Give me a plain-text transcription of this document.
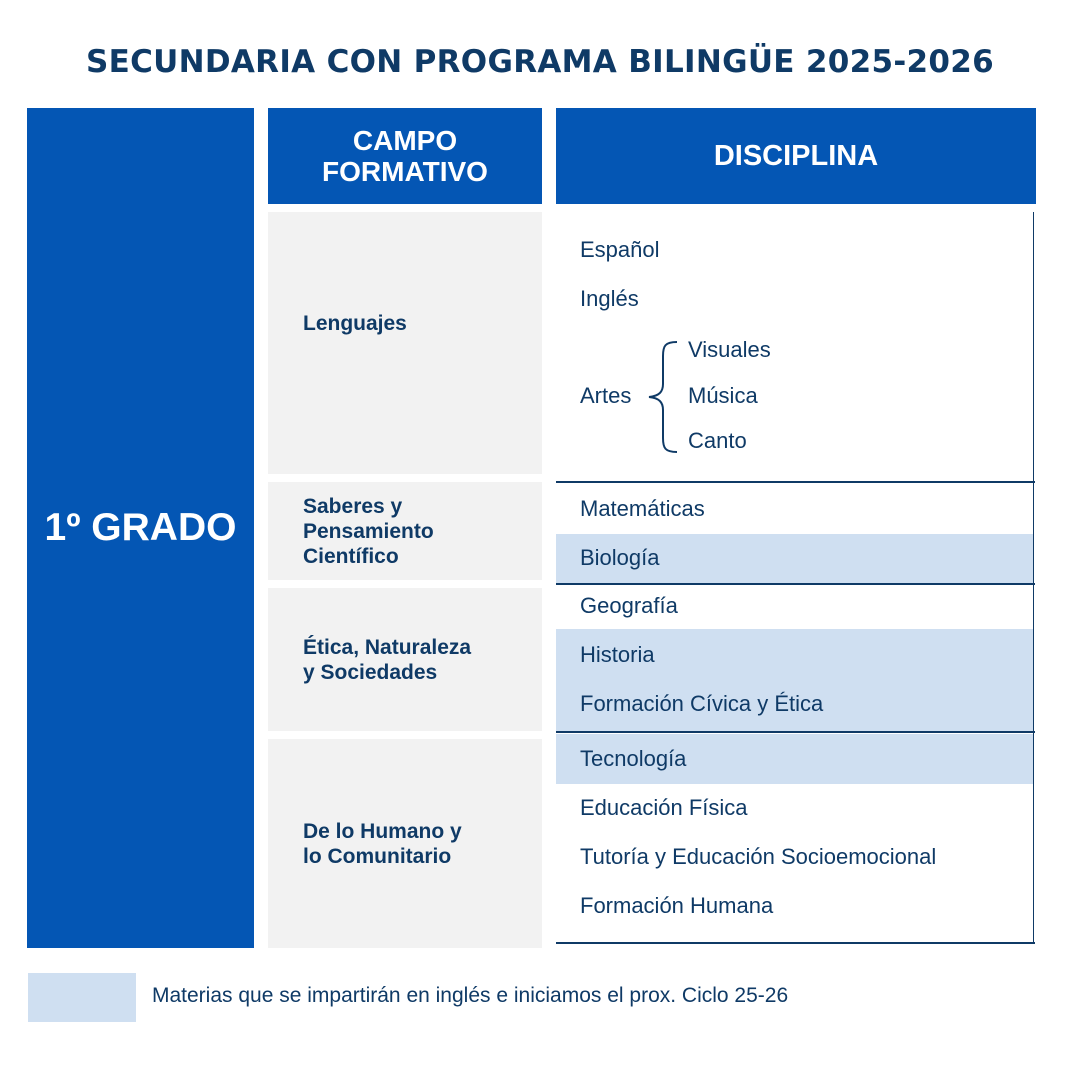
SECUNDARIA CON PROGRAMA BILINGÜE 2025-2026
1º GRADO
CAMPO
FORMATIVO	DISCIPLINA
Lenguajes
Saberes y
Pensamiento
Científico
Ética, Naturaleza
y Sociedades
De lo Humano y
lo Comunitario
Español
Inglés
Artes
Visuales
Música
Canto
Matemáticas
Biología
Geografía
Historia
Formación Cívica y Ética
Tecnología
Educación Física
Tutoría y Educación Socioemocional
Formación Humana
Materias que se impartirán en inglés e iniciamos el prox. Ciclo 25-26
